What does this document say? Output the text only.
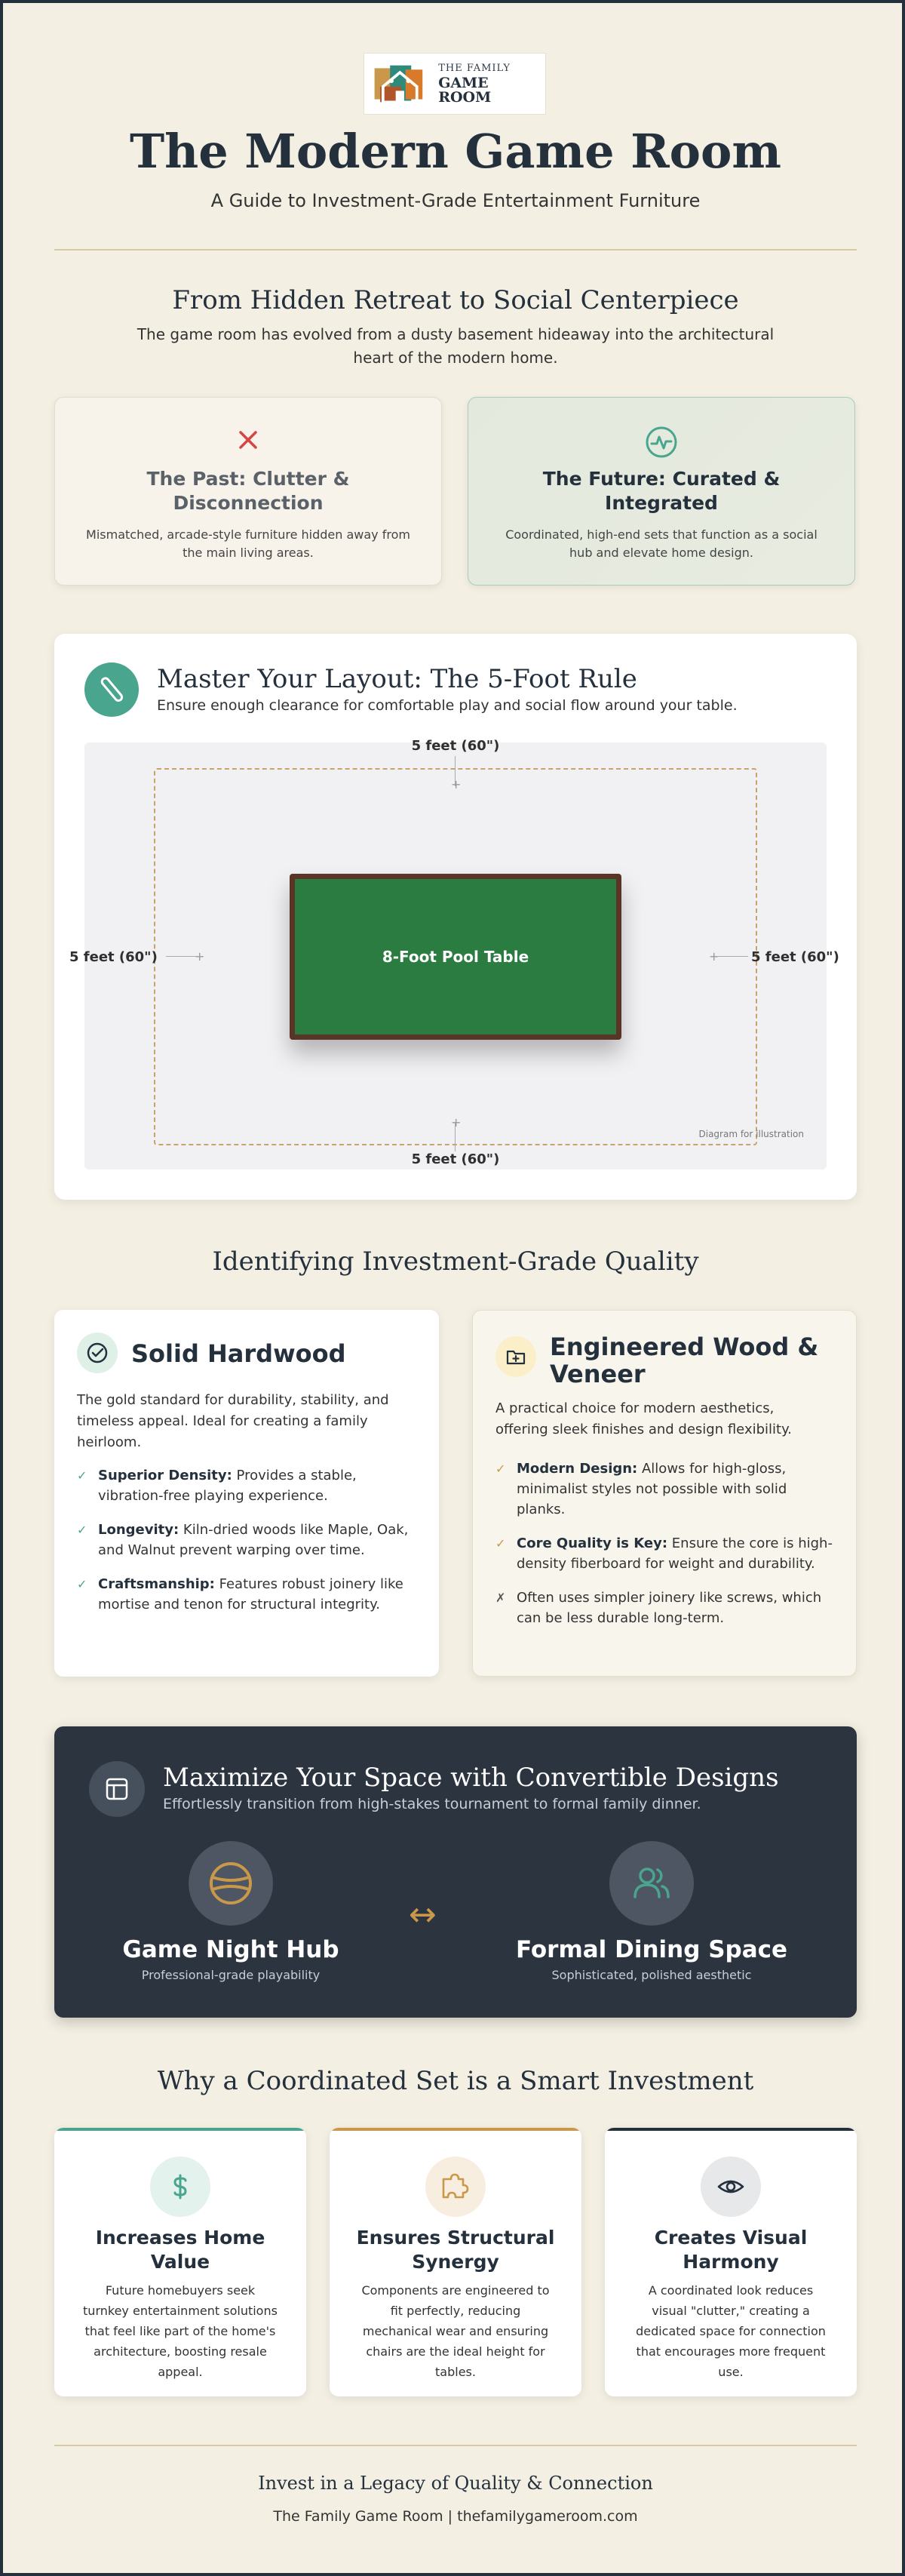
THE FAMILY
GAME ROOM
The Modern Game Room
A Guide to Investment-Grade Entertainment Furniture
From Hidden Retreat to Social Centerpiece
The game room has evolved from a dusty basement hideaway into the architectural heart of the modern home.
The Past: Clutter & Disconnection
Mismatched, arcade-style furniture hidden away from the main living areas.
The Future: Curated & Integrated
Coordinated, high-end sets that function as a social hub and elevate home design.
Master Your Layout: The 5-Foot Rule
Ensure enough clearance for comfortable play and social flow around your table.
8-Foot Pool Table
5 feet (60")
+
5 feet (60")
+
5 feet (60")	+	5 feet (60")
+
Diagram for illustration
Identifying Investment-Grade Quality
Solid Hardwood
The gold standard for durability, stability, and timeless appeal. Ideal for creating a family heirloom.
✓ Superior Density: Provides a stable, vibration-free playing experience.
✓ Longevity: Kiln-dried woods like Maple, Oak, and Walnut prevent warping over time.
✓ Craftsmanship: Features robust joinery like mortise and tenon for structural integrity.
Engineered Wood & Veneer
A practical choice for modern aesthetics, offering sleek finishes and design flexibility.
✓ Modern Design: Allows for high-gloss, minimalist styles not possible with solid planks.
✓ Core Quality is Key: Ensure the core is high-density fiberboard for weight and durability.
✗ Often uses simpler joinery like screws, which can be less durable long-term.
Maximize Your Space with Convertible Designs
Effortlessly transition from high-stakes tournament to formal family dinner.
Game Night Hub
Professional-grade playability
↔
Formal Dining Space
Sophisticated, polished aesthetic
Why a Coordinated Set is a Smart Investment
Increases Home Value
Future homebuyers seek turnkey entertainment solutions that feel like part of the home's architecture, boosting resale appeal.
Ensures Structural Synergy
Components are engineered to fit perfectly, reducing mechanical wear and ensuring chairs are the ideal height for tables.
Creates Visual Harmony
A coordinated look reduces visual "clutter," creating a dedicated space for connection that encourages more frequent use.
Invest in a Legacy of Quality & Connection
The Family Game Room | thefamilygameroom.com
